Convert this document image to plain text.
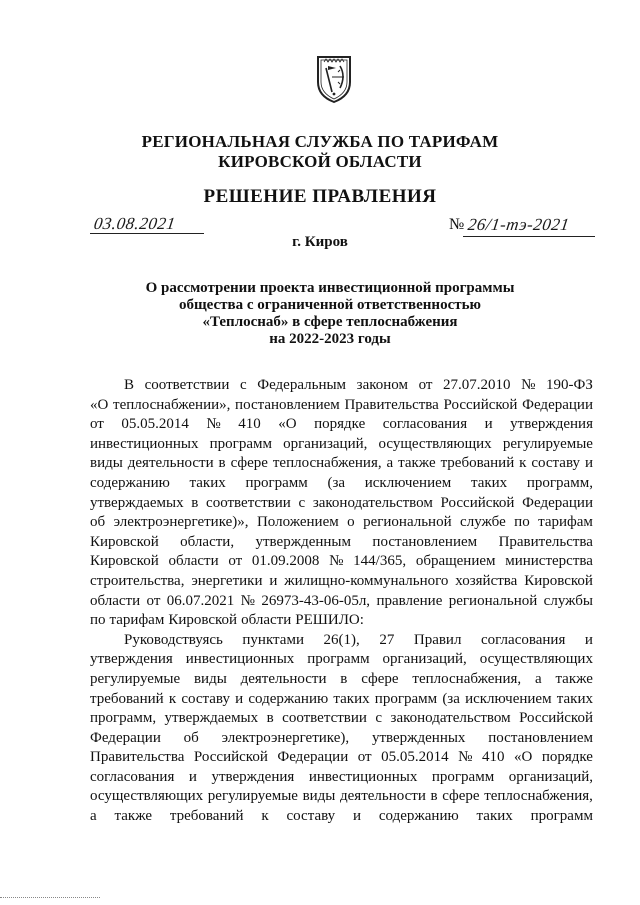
РЕГИОНАЛЬНАЯ СЛУЖБА ПО ТАРИФАМ
КИРОВСКОЙ ОБЛАСТИ
РЕШЕНИЕ ПРАВЛЕНИЯ
03.08.2021	№ 26/1-тэ-2021
г. Киров
О рассмотрении проекта инвестиционной программы
общества с ограниченной ответственностью
«Теплоснаб» в сфере теплоснабжения
на 2022-2023 годы
В соответствии с Федеральным законом от 27.07.2010 № 190-ФЗ
«О теплоснабжении», постановлением Правительства Российской Федерации
от 05.05.2014 № 410 «О порядке согласования и утверждения
инвестиционных программ организаций, осуществляющих регулируемые
виды деятельности в сфере теплоснабжения, а также требований к составу и
содержанию таких программ (за исключением таких программ,
утверждаемых в соответствии с законодательством Российской Федерации
об электроэнергетике)», Положением о региональной службе по тарифам
Кировской области, утвержденным постановлением Правительства
Кировской области от 01.09.2008 № 144/365, обращением министерства
строительства, энергетики и жилищно-коммунального хозяйства Кировской
области от 06.07.2021 № 26973-43-06-05л, правление региональной службы
по тарифам Кировской области РЕШИЛО:
Руководствуясь пунктами 26(1), 27 Правил согласования и
утверждения инвестиционных программ организаций, осуществляющих
регулируемые виды деятельности в сфере теплоснабжения, а также
требований к составу и содержанию таких программ (за исключением таких
программ, утверждаемых в соответствии с законодательством Российской
Федерации об электроэнергетике), утвержденных постановлением
Правительства Российской Федерации от 05.05.2014 № 410 «О порядке
согласования и утверждения инвестиционных программ организаций,
осуществляющих регулируемые виды деятельности в сфере теплоснабжения,
а также требований к составу и содержанию таких программ
